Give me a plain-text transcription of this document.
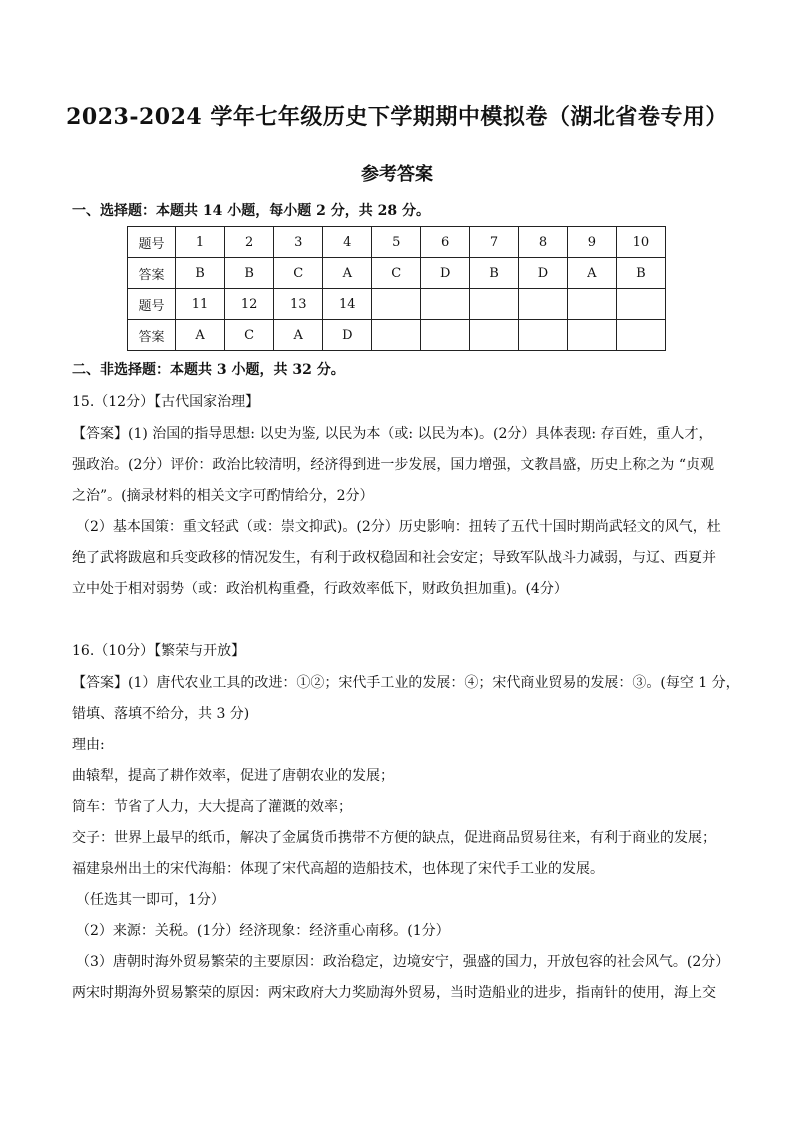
2023-2024 学年七年级历史下学期期中模拟卷（湖北省卷专用）
参考答案
一、选择题：本题共 14 小题，每小题 2 分，共 28 分。
题号	1	2	3	4	5	6	7	8	9	10
答案	B	B	C	A	C	D	B	D	A	B
题号	11	12	13	14						
答案	A	C	A	D						
二、非选择题：本题共 3 小题，共 32 分。
15.（12分）【古代国家治理】
【答案】(1) 治国的指导思想: 以史为鉴, 以民为本（或: 以民为本)。(2分）具体表现: 存百姓，重人才，
强政治。(2分）评价：政治比较清明，经济得到进一步发展，国力增强，文教昌盛，历史上称之为 “贞观
之治”。(摘录材料的相关文字可酌情给分，2分）
（2）基本国策：重文轻武（或：崇文抑武)。(2分）历史影响：扭转了五代十国时期尚武轻文的风气，杜
绝了武将跋扈和兵变政移的情况发生，有利于政权稳固和社会安定；导致军队战斗力减弱，与辽、西夏并
立中处于相对弱势（或：政治机构重叠，行政效率低下，财政负担加重)。(4分）
16.（10分）【繁荣与开放】
【答案】(1）唐代农业工具的改进：①②；宋代手工业的发展：④；宋代商业贸易的发展：③。(每空 1 分，
错填、落填不给分，共 3 分)
理由:
曲辕犁，提高了耕作效率，促进了唐朝农业的发展；
筒车：节省了人力，大大提高了灌溉的效率；
交子：世界上最早的纸币，解决了金属货币携带不方便的缺点，促进商品贸易往来，有利于商业的发展；
福建泉州出土的宋代海船：体现了宋代高超的造船技术，也体现了宋代手工业的发展。
（任选其一即可，1分）
（2）来源：关税。(1分）经济现象：经济重心南移。(1分）
（3）唐朝时海外贸易繁荣的主要原因：政治稳定，边境安宁，强盛的国力，开放包容的社会风气。(2分）
两宋时期海外贸易繁荣的原因：两宋政府大力奖励海外贸易，当时造船业的进步，指南针的使用，海上交
